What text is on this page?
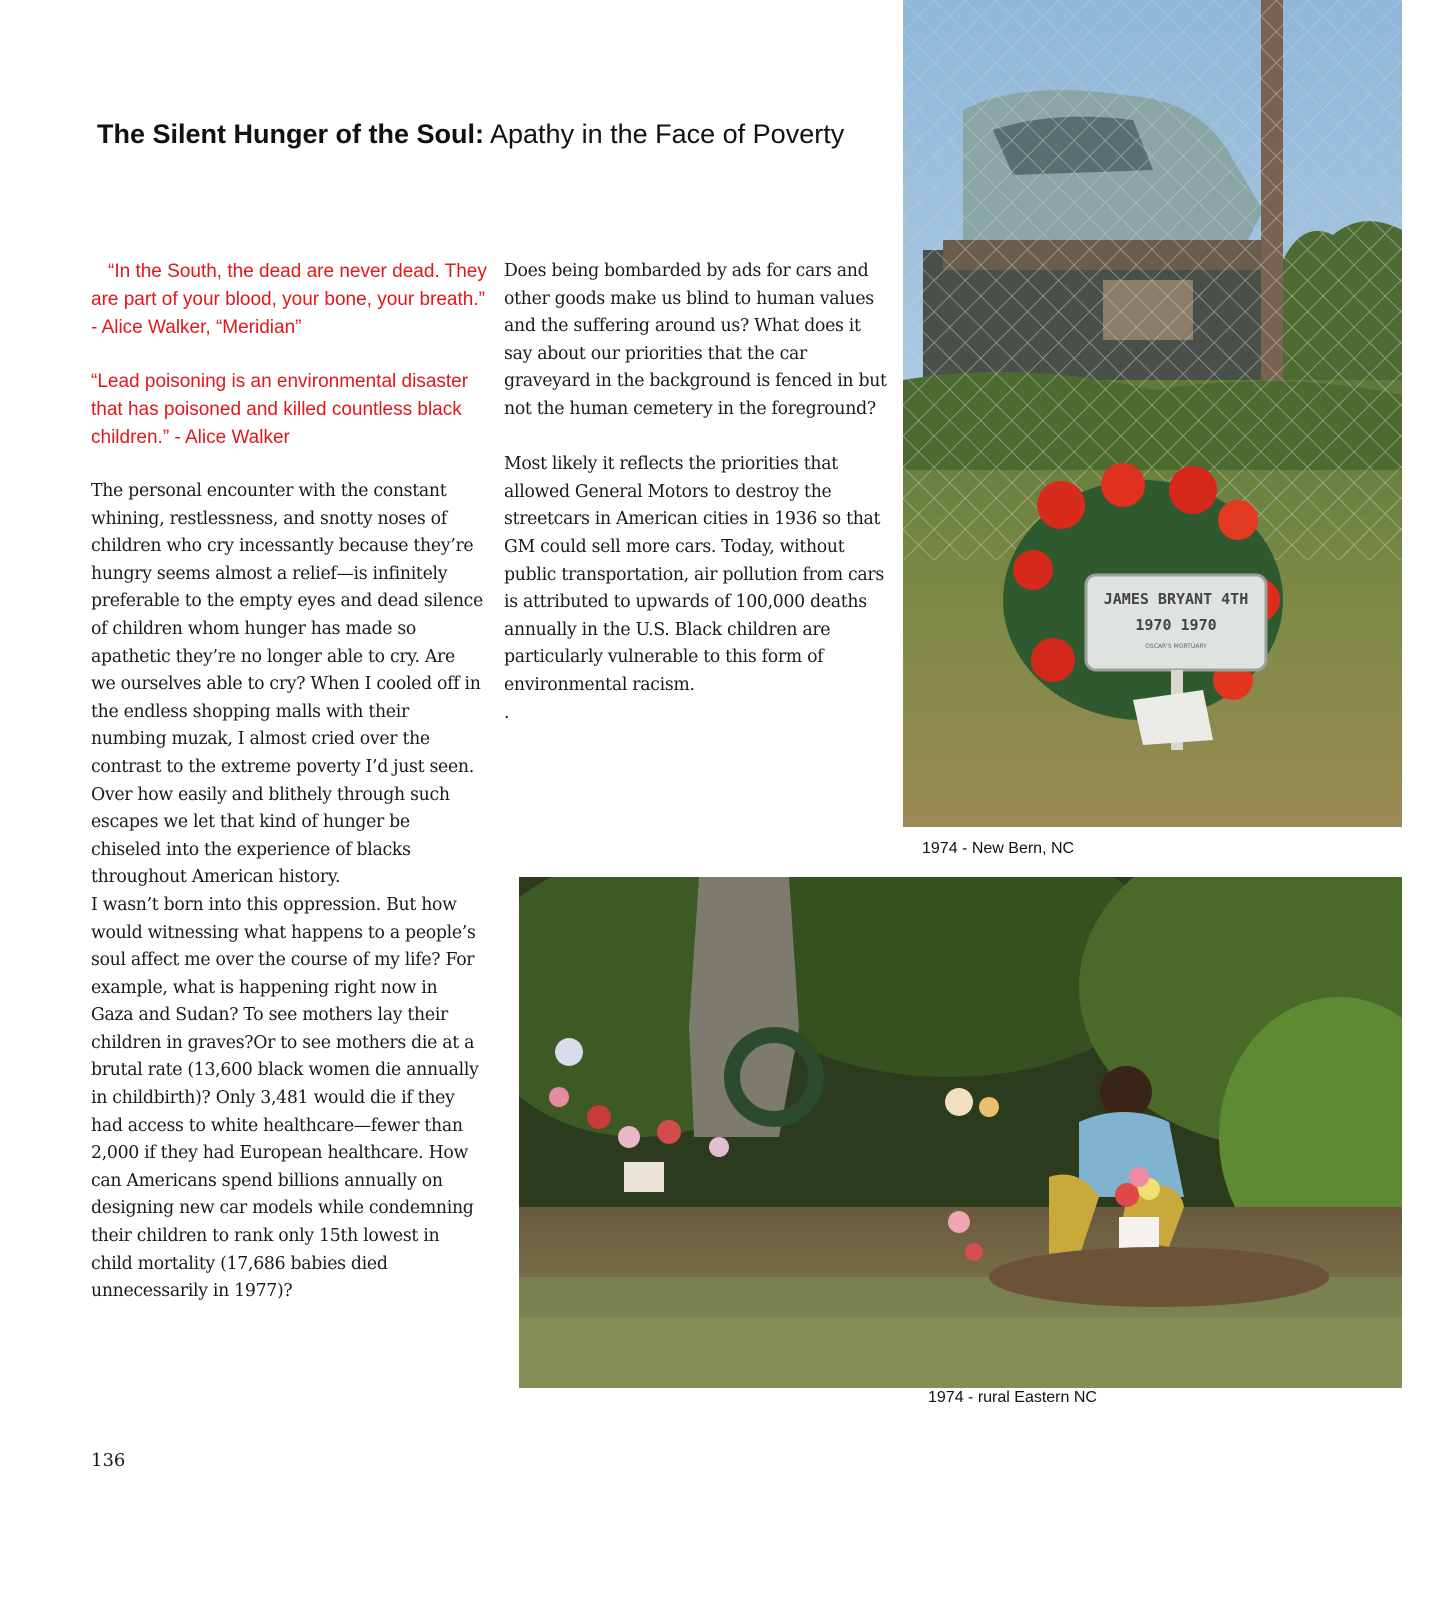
The Silent Hunger of the Soul: Apathy in the Face of Poverty

“In the South, the dead are never dead. They are part of your blood, your bone, your breath.” - Alice Walker, “Meridian”

“Lead poisoning is an environmental disaster that has poisoned and killed countless black children.” - Alice Walker

The personal encounter with the constant whining, restlessness, and snotty noses of children who cry incessantly because they’re hungry seems almost a relief—is infinitely preferable to the empty eyes and dead silence of children whom hunger has made so apathetic they’re no longer able to cry. Are we ourselves able to cry? When I cooled off in the endless shopping malls with their numbing muzak, I almost cried over the contrast to the extreme poverty I’d just seen. Over how easily and blithely through such escapes we let that kind of hunger be chiseled into the experience of blacks throughout American history.

I wasn’t born into this oppression. But how would witnessing what happens to a people’s soul affect me over the course of my life? For example, what is happening right now in Gaza and Sudan? To see mothers lay their children in graves?Or to see mothers die at a brutal rate (13,600 black women die annually in childbirth)? Only 3,481 would die if they had access to white healthcare—fewer than 2,000 if they had European healthcare. How can Americans spend billions annually on designing new car models while condemning their children to rank only 15th lowest in child mortality (17,686 babies died unnecessarily in 1977)?

Does being bombarded by ads for cars and other goods make us blind to human values and the suffering around us? What does it say about our priorities that the car graveyard in the background is fenced in but not the human cemetery in the foreground?

Most likely it reflects the priorities that allowed General Motors to destroy the streetcars in American cities in 1936 so that GM could sell more cars. Today, without public transportation, air pollution from cars is attributed to upwards of 100,000 deaths annually in the U.S. Black children are particularly vulnerable to this form of environmental racism.

.

JAMES BRYANT 4TH
1970 1970
OSCAR'S MORTUARY
1974 - New Bern, NC
1974 - rural Eastern NC
136
